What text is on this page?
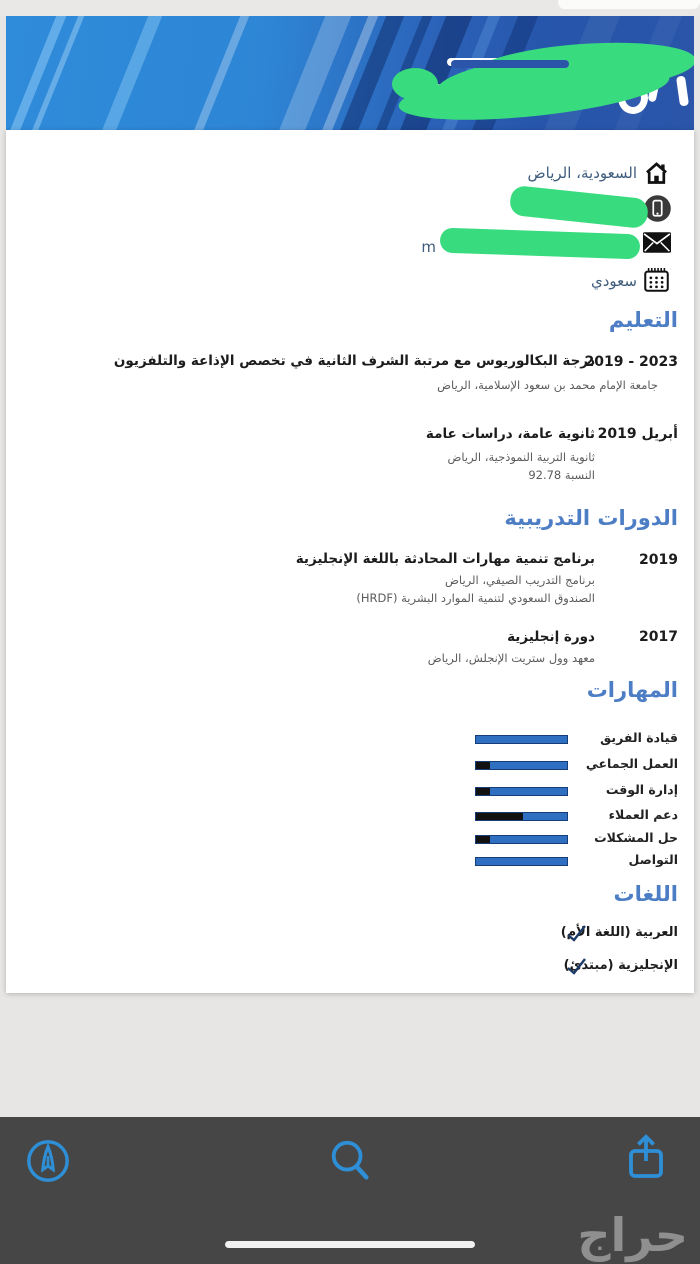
السعودية، الرياض
m
سعودي
التعليم
2019 - 2023
درجة البكالوريوس مع مرتبة الشرف الثانية في تخصص الإذاعة والتلفزيون
جامعة الإمام محمد بن سعود الإسلامية، الرياض
أبريل 2019
ثانوية عامة، دراسات عامة
ثانوية التربية النموذجية، الرياض
النسبة 92.78
الدورات التدريبية
2019
برنامج تنمية مهارات المحادثة باللغة الإنجليزية
برنامج التدريب الصيفي، الرياض
الصندوق السعودي لتنمية الموارد البشرية (HRDF)
2017
دورة إنجليزية
معهد وول ستريت الإنجلش، الرياض
المهارات
قيادة الفريق
العمل الجماعي
إدارة الوقت
دعم العملاء
حل المشكلات
التواصل
اللغات
العربية (اللغة الأم)
الإنجليزية (مبتدئ)
حراج
